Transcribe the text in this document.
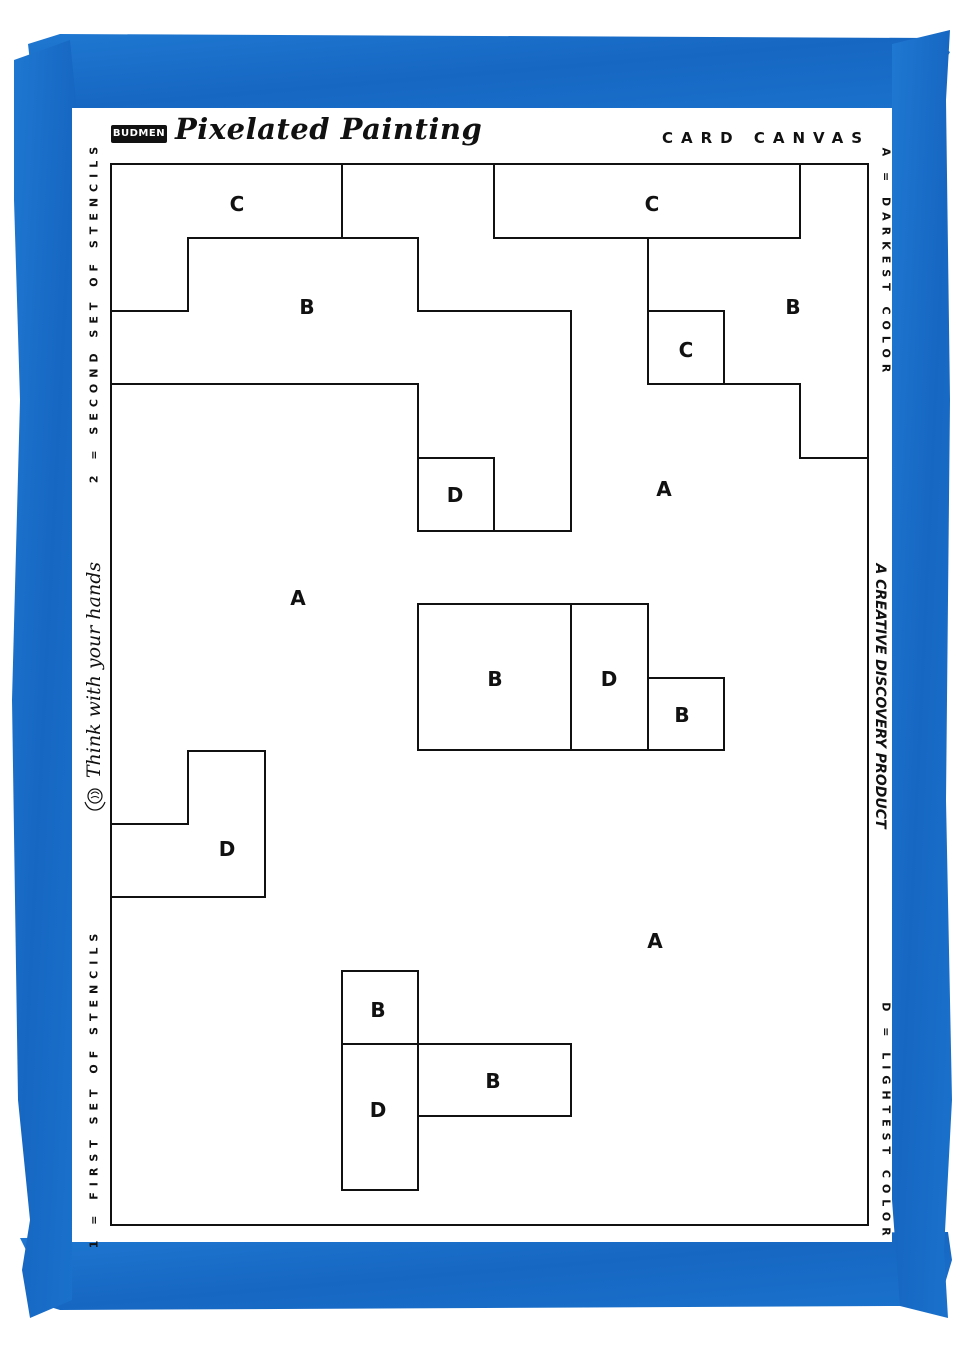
BUDMEN Pixelated Painting	CARD CANVAS
2 = SECOND SET OF STENCILS
1 = FIRST SET OF STENCILS
Think with your hands
A = DARKEST COLOR
D = LIGHTEST COLOR
A CREATIVE DISCOVERY PRODUCT
C	C
B	B
C
A
D
A
B	D
B
D
A
B
B
D
